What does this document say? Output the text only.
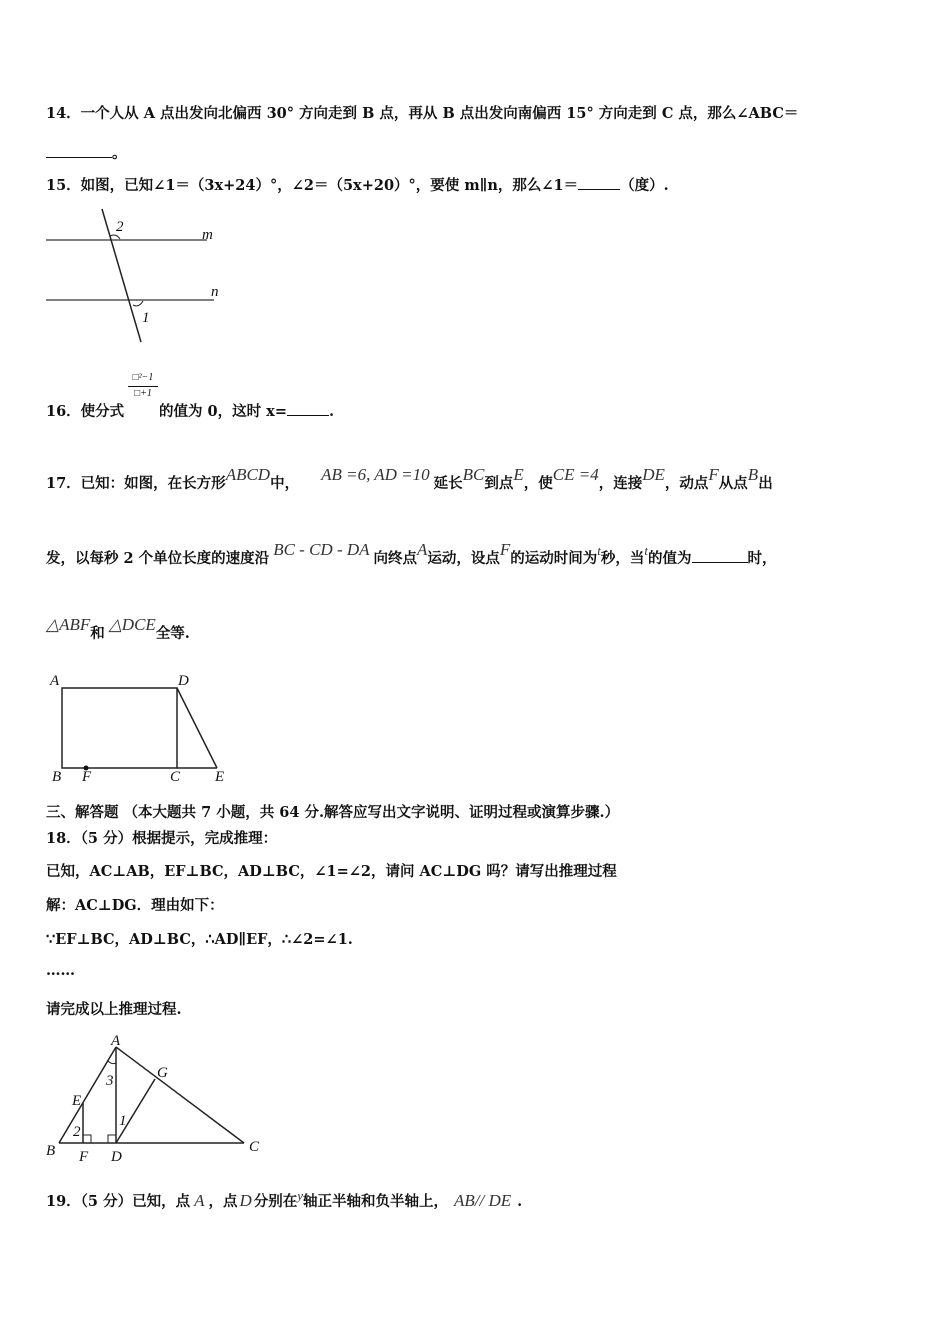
14．一个人从 A 点出发向北偏西 30° 方向走到 B 点，再从 B 点出发向南偏西 15° 方向走到 C 点，那么∠ABC＝
。
15．如图，已知∠1＝（3x+24）°，∠2＝（5x+20）°，要使 m∥n，那么∠1＝	（度）.
m
n
2
1
16．使分式
□²−1
□+1
的值为 0，这时 x=	.
17．已知：如图，在长方形ABCD中， AB =6, AD =10 延长BC到点E，使CE =4，连接DE，动点F从点B出
发，以每秒 2 个单位长度的速度沿 BC - CD - DA 向终点A运动，设点F的运动时间为t秒，当t的值为	时，
△ABF和 △DCE全等.
A	D
B F	C E
三、解答题 （本大题共 7 小题，共 64 分.解答应写出文字说明、证明过程或演算步骤.）
18．（5 分）根据提示，完成推理：
已知，AC⊥AB，EF⊥BC，AD⊥BC，∠1=∠2，请问 AC⊥DG 吗？请写出推理过程
解：AC⊥DG．理由如下：
∵EF⊥BC，AD⊥BC，∴AD∥EF，∴∠2=∠1.
……
请完成以上推理过程.
A
G
E
B F D
C
3
2
1
19．（5 分）已知，点 A ，点 D 分别在y轴正半轴和负半轴上， AB// DE .
